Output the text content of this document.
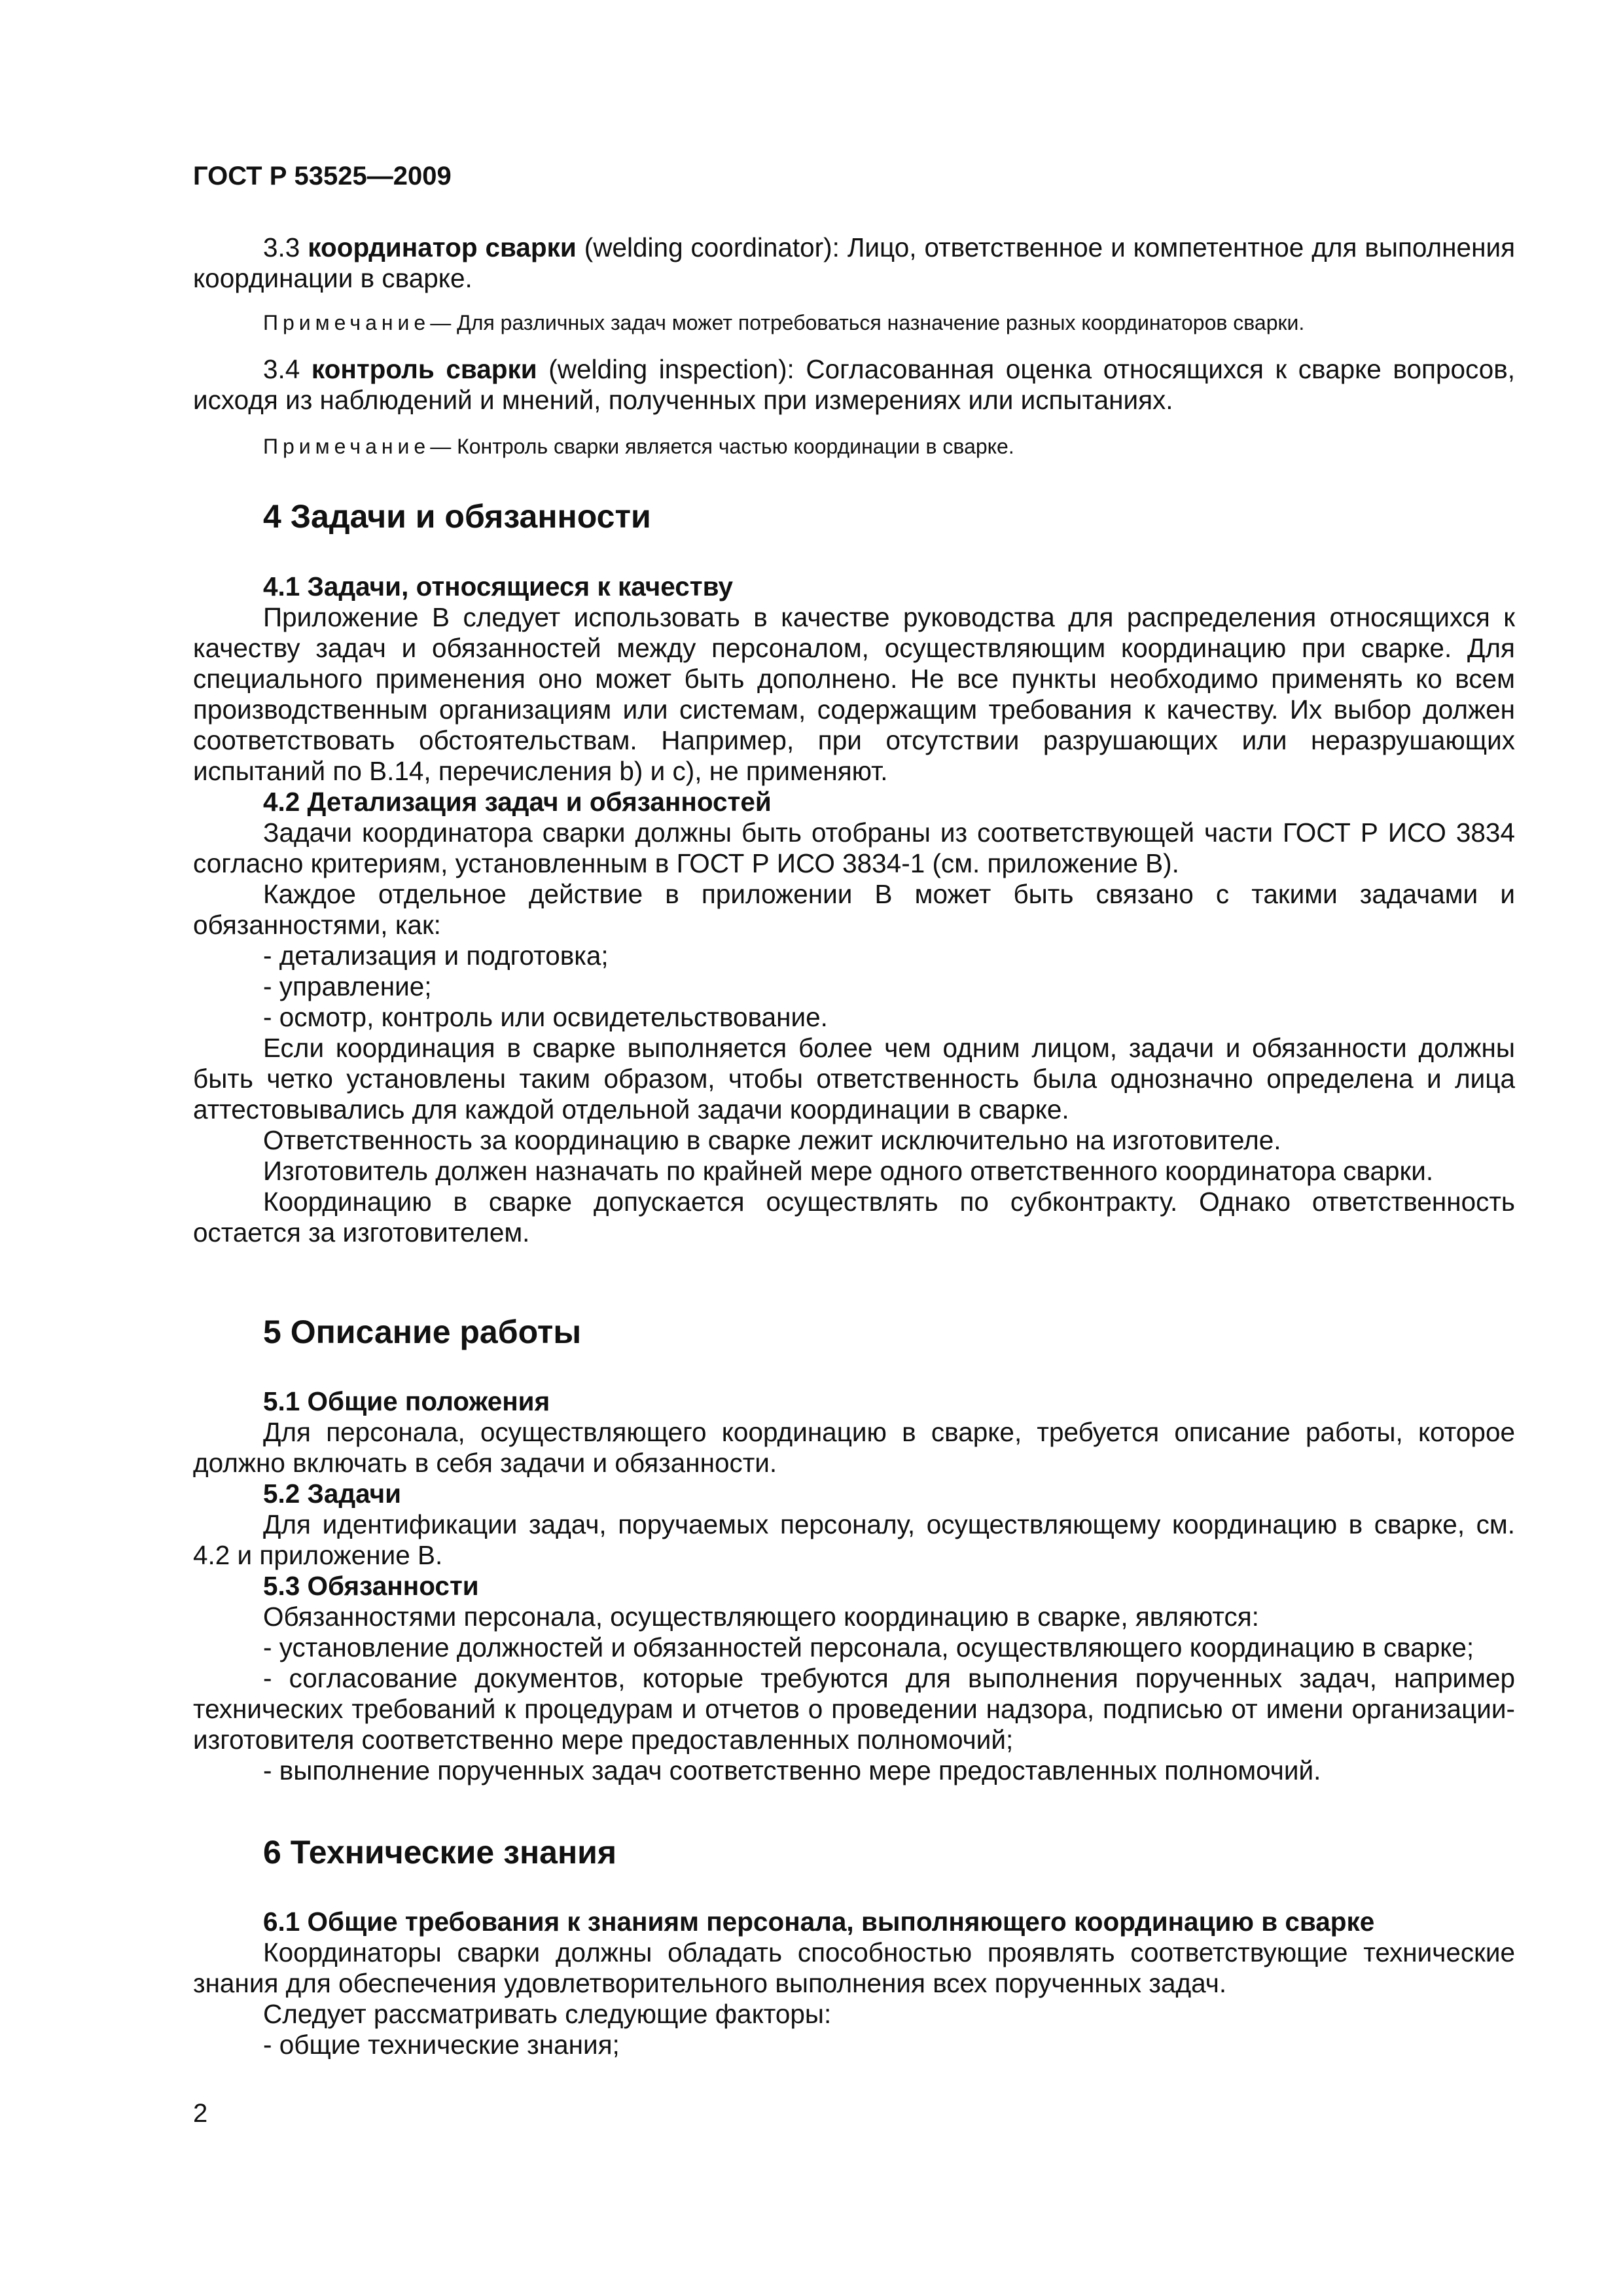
ГОСТ Р 53525—2009

3.3 координатор сварки (welding coordinator): Лицо, ответственное и компетентное для выполнения координации в сварке.

Примечание— Для различных задач может потребоваться назначение разных координаторов сварки.

3.4 контроль сварки (welding inspection): Согласованная оценка относящихся к сварке вопросов, исходя из наблюдений и мнений, полученных при измерениях или испытаниях.

Примечание— Контроль сварки является частью координации в сварке.

4 Задачи и обязанности

4.1 Задачи, относящиеся к качеству

Приложение В следует использовать в качестве руководства для распределения относящихся к качеству задач и обязанностей между персоналом, осуществляющим координацию при сварке. Для специального применения оно может быть дополнено. Не все пункты необходимо применять ко всем производственным организациям или системам, содержащим требования к качеству. Их выбор должен соответствовать обстоятельствам. Например, при отсутствии разрушающих или неразрушающих испытаний по В.14, перечисления b) и c), не применяют.

4.2 Детализация задач и обязанностей

Задачи координатора сварки должны быть отобраны из соответствующей части ГОСТ Р ИСО 3834 согласно критериям, установленным в ГОСТ Р ИСО 3834-1 (см. приложение В).

Каждое отдельное действие в приложении В может быть связано с такими задачами и обязанностями, как:

- детализация и подготовка;

- управление;

- осмотр, контроль или освидетельствование.

Если координация в сварке выполняется более чем одним лицом, задачи и обязанности должны быть четко установлены таким образом, чтобы ответственность была однозначно определена и лица аттестовывались для каждой отдельной задачи координации в сварке.

Ответственность за координацию в сварке лежит исключительно на изготовителе.

Изготовитель должен назначать по крайней мере одного ответственного координатора сварки.

Координацию в сварке допускается осуществлять по субконтракту. Однако ответственность остается за изготовителем.

5 Описание работы

5.1 Общие положения

Для персонала, осуществляющего координацию в сварке, требуется описание работы, которое должно включать в себя задачи и обязанности.

5.2 Задачи

Для идентификации задач, поручаемых персоналу, осуществляющему координацию в сварке, см. 4.2 и приложение В.

5.3 Обязанности

Обязанностями персонала, осуществляющего координацию в сварке, являются:

- установление должностей и обязанностей персонала, осуществляющего координацию в сварке;

- согласование документов, которые требуются для выполнения порученных задач, например технических требований к процедурам и отчетов о проведении надзора, подписью от имени организации-изготовителя соответственно мере предоставленных полномочий;

- выполнение порученных задач соответственно мере предоставленных полномочий.

6 Технические знания

6.1 Общие требования к знаниям персонала, выполняющего координацию в сварке

Координаторы сварки должны обладать способностью проявлять соответствующие технические знания для обеспечения удовлетворительного выполнения всех порученных задач.

Следует рассматривать следующие факторы:

- общие технические знания;

2
